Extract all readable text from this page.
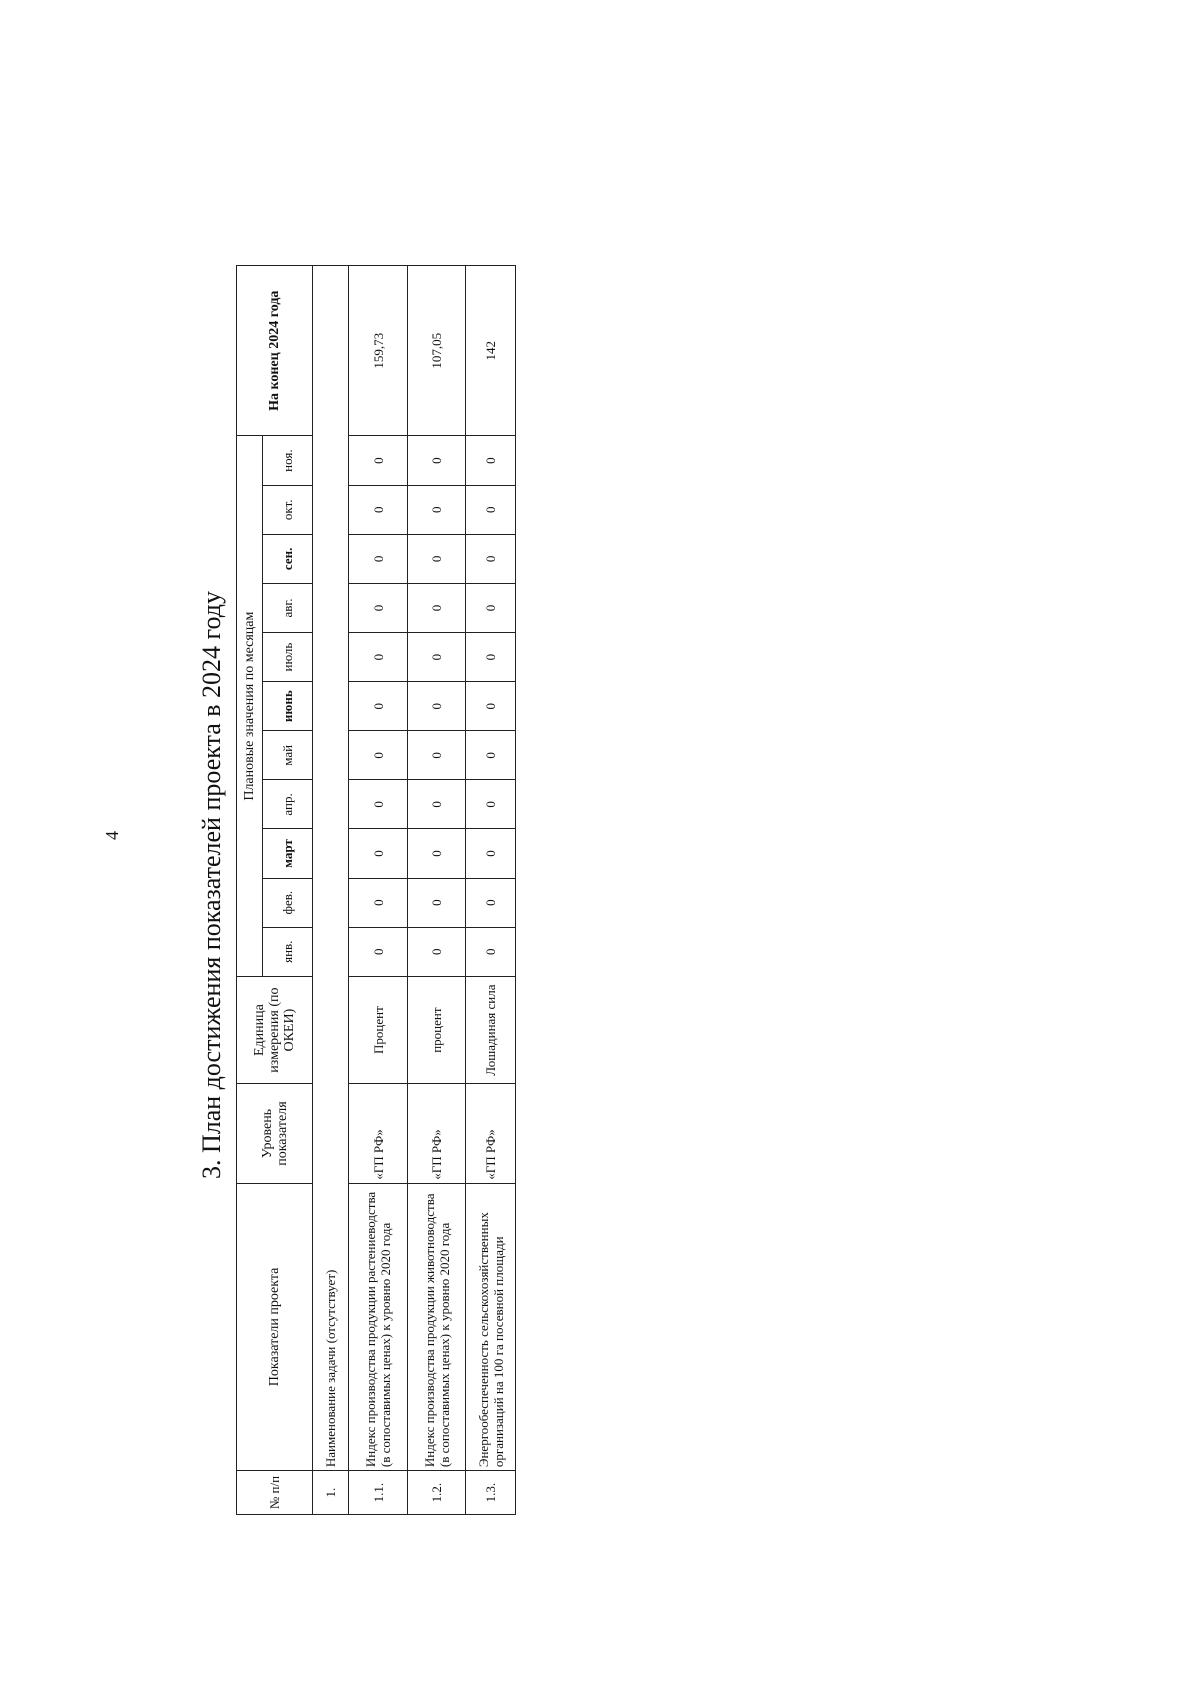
4	3. План достижения показателей проекта в 2024 году
№ п/п	Показатели проекта	Уровень показателя	Единица измерения (по ОКЕИ)	Плановые значения по месяцам											На конец 2024 года
				янв.	фев.	март	апр.	май	июнь	июль	авг.	сен.	окт.	ноя.	
1.	Наименование задачи (отсутствует)														
1.1.	Индекс производства продукции растениеводства (в сопоставимых ценах) к уровню 2020 года	«ГП РФ»	Процент	0	0	0	0	0	0	0	0	0	0	0	159,73
1.2.	Индекс производства продукции животноводства (в сопоставимых ценах) к уровню 2020 года	«ГП РФ»	процент	0	0	0	0	0	0	0	0	0	0	0	107,05
1.3.	Энергообеспеченность сельскохозяйственных организаций на 100 га посевной площади	«ГП РФ»	Лошадиная сила	0	0	0	0	0	0	0	0	0	0	0	142
